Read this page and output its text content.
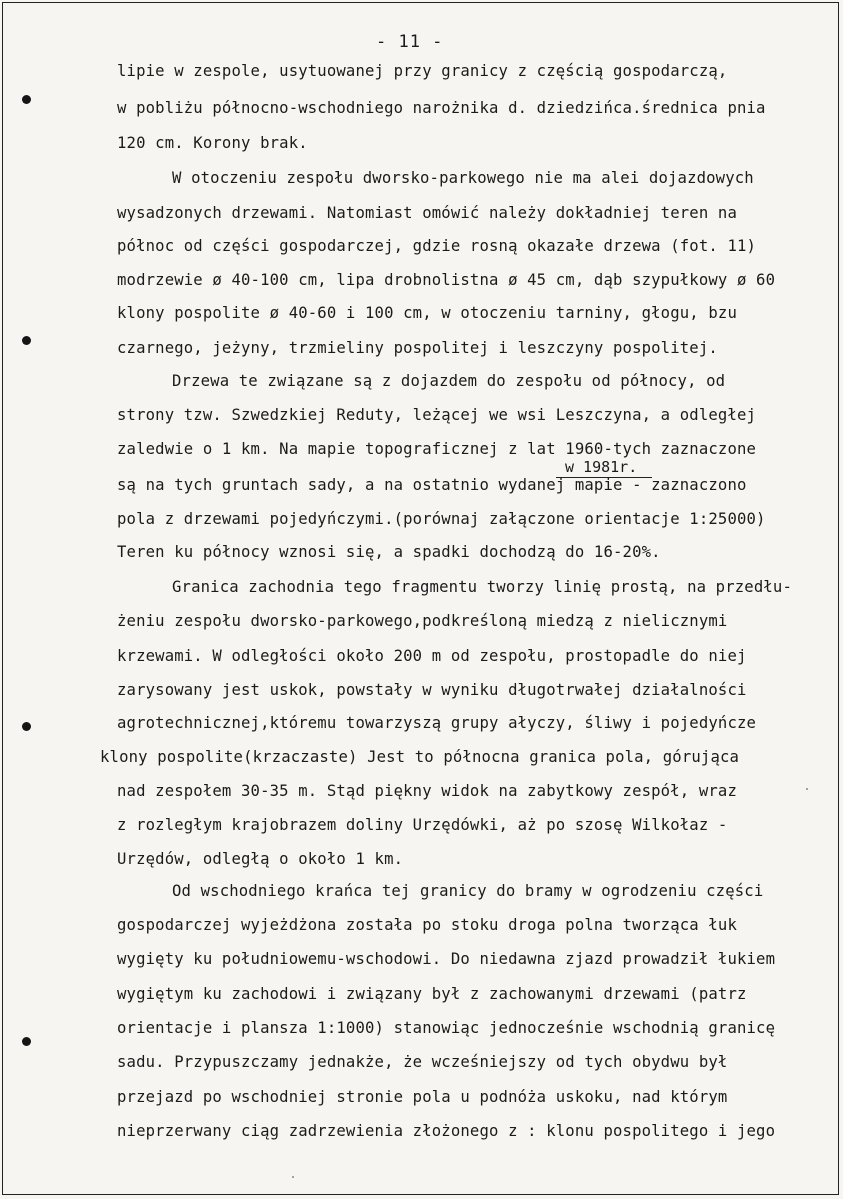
- 11 -
lipie w zespole, usytuowanej przy granicy z częścią gospodarczą,
w pobliżu północno-wschodniego narożnika d. dziedzińca.średnica pnia
120 cm. Korony brak.
W otoczeniu zespołu dworsko-parkowego nie ma alei dojazdowych
wysadzonych drzewami. Natomiast omówić należy dokładniej teren na
północ od części gospodarczej, gdzie rosną okazałe drzewa (fot. 11)
modrzewie ø 40-100 cm, lipa drobnolistna ø 45 cm, dąb szypułkowy ø 60
klony pospolite ø 40-60 i 100 cm, w otoczeniu tarniny, głogu, bzu
czarnego, jeżyny, trzmieliny pospolitej i leszczyny pospolitej.
Drzewa te związane są z dojazdem do zespołu od północy, od
strony tzw. Szwedzkiej Reduty, leżącej we wsi Leszczyna, a odległej
zaledwie o 1 km. Na mapie topograficznej z lat 1960-tych zaznaczone
w 1981r.
są na tych gruntach sady, a na ostatnio wydanej mapie - zaznaczono
pola z drzewami pojedyńczymi.(porównaj załączone orientacje 1:25000)
Teren ku północy wznosi się, a spadki dochodzą do 16-20%.
Granica zachodnia tego fragmentu tworzy linię prostą, na przedłu-
żeniu zespołu dworsko-parkowego,podkreśloną miedzą z nielicznymi
krzewami. W odległości około 200 m od zespołu, prostopadle do niej
zarysowany jest uskok, powstały w wyniku długotrwałej działalności
agrotechnicznej,któremu towarzyszą grupy ałyczy, śliwy i pojedyńcze
klony pospolite(krzaczaste) Jest to północna granica pola, górująca
nad zespołem 30-35 m. Stąd piękny widok na zabytkowy zespół, wraz
z rozległym krajobrazem doliny Urzędówki, aż po szosę Wilkołaz -
Urzędów, odległą o około 1 km.
Od wschodniego krańca tej granicy do bramy w ogrodzeniu części
gospodarczej wyjeżdżona została po stoku droga polna tworząca łuk
wygięty ku południowemu-wschodowi. Do niedawna zjazd prowadził łukiem
wygiętym ku zachodowi i związany był z zachowanymi drzewami (patrz
orientacje i plansza 1:1000) stanowiąc jednocześnie wschodnią granicę
sadu. Przypuszczamy jednakże, że wcześniejszy od tych obydwu był
przejazd po wschodniej stronie pola u podnóża uskoku, nad którym
nieprzerwany ciąg zadrzewienia złożonego z : klonu pospolitego i jego
